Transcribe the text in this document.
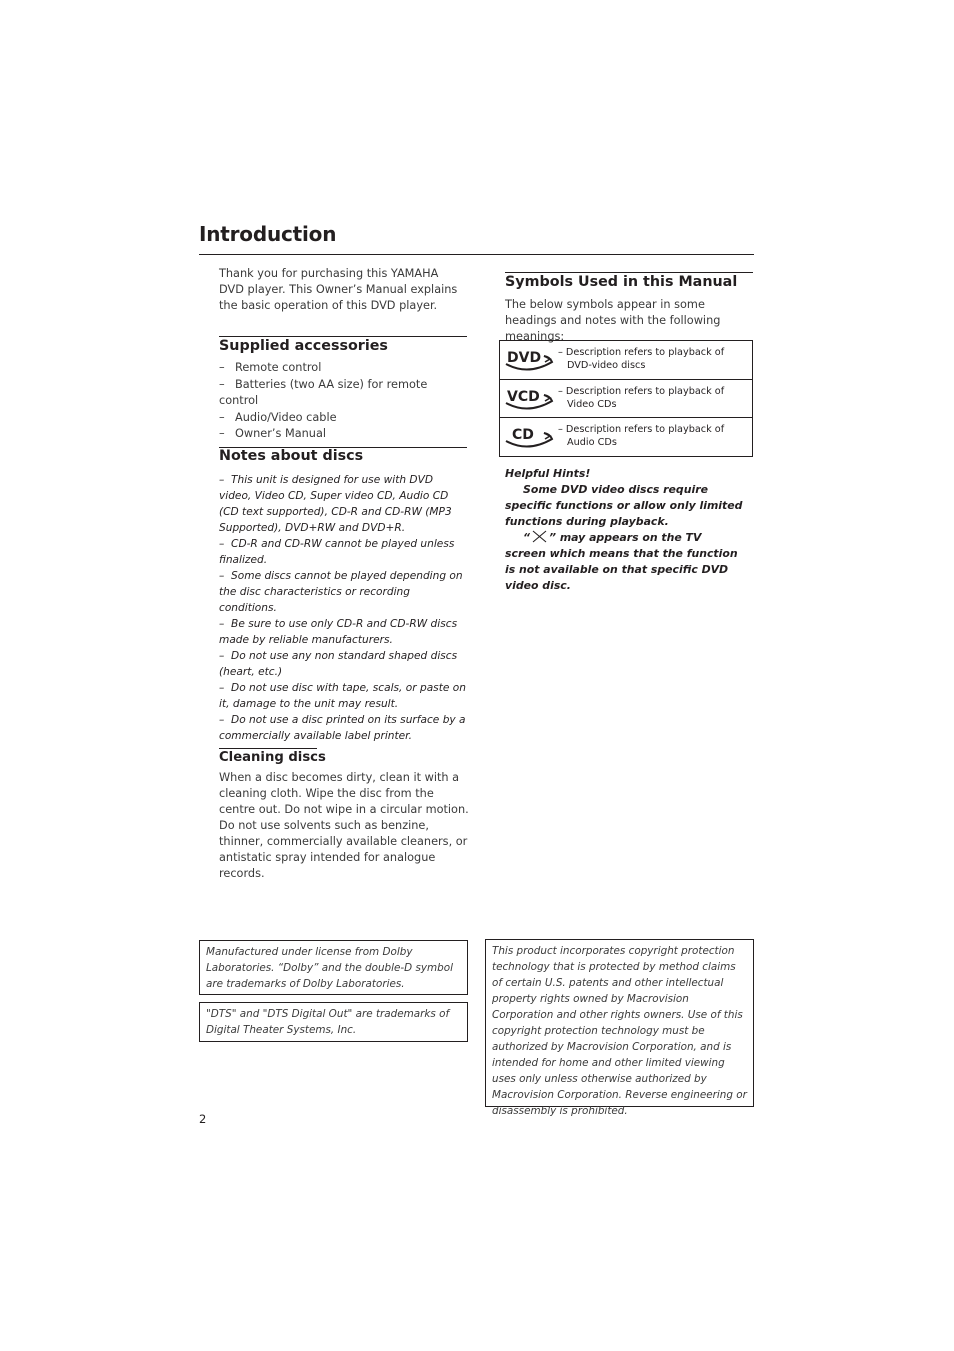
Introduction
Thank you for purchasing this YAMAHA DVD player. This Owner’s Manual explains the basic operation of this DVD player.
Supplied accessories
– Remote control
– Batteries (two AA size) for remote control
– Audio/Video cable
– Owner’s Manual
Notes about discs

–  This unit is designed for use with DVD video, Video CD, Super video CD, Audio CD (CD text supported), CD-R and CD-RW (MP3 Supported), DVD+RW and DVD+R.

–  CD-R and CD-RW cannot be played unless finalized.

–  Some discs cannot be played depending on the disc characteristics or recording conditions.

–  Be sure to use only CD-R and CD-RW discs made by reliable manufacturers.

–  Do not use any non standard shaped discs (heart, etc.)

–  Do not use disc with tape, scals, or paste on it, damage to the unit may result.

–  Do not use a disc printed on its surface by a commercially available label printer.

Cleaning discs
When a disc becomes dirty, clean it with a cleaning cloth. Wipe the disc from the centre out. Do not wipe in a circular motion.
Do not use solvents such as benzine, thinner, commercially available cleaners, or antistatic spray intended for analogue records.
Symbols Used in this Manual
The below symbols appear in some headings and notes with the following meanings:
DVD – Description refers to playback of
DVD-video discs
VCD – Description refers to playback of
Video CDs
CD – Description refers to playback of
Audio CDs

Helpful Hints!

Some DVD video discs require specific functions or allow only limited functions during playback.

“ ” may appears on the TV screen which means that the function is not available on that specific DVD video disc.

Manufactured under license from Dolby Laboratories. “Dolby” and the double-D symbol are trademarks of Dolby Laboratories.

"DTS" and "DTS Digital Out" are trademarks of Digital Theater Systems, Inc.

This product incorporates copyright protection technology that is protected by method claims of certain U.S. patents and other intellectual property rights owned by Macrovision Corporation and other rights owners. Use of this copyright protection technology must be authorized by Macrovision Corporation, and is intended for home and other limited viewing uses only unless otherwise authorized by Macrovision Corporation. Reverse engineering or disassembly is prohibited.

2
